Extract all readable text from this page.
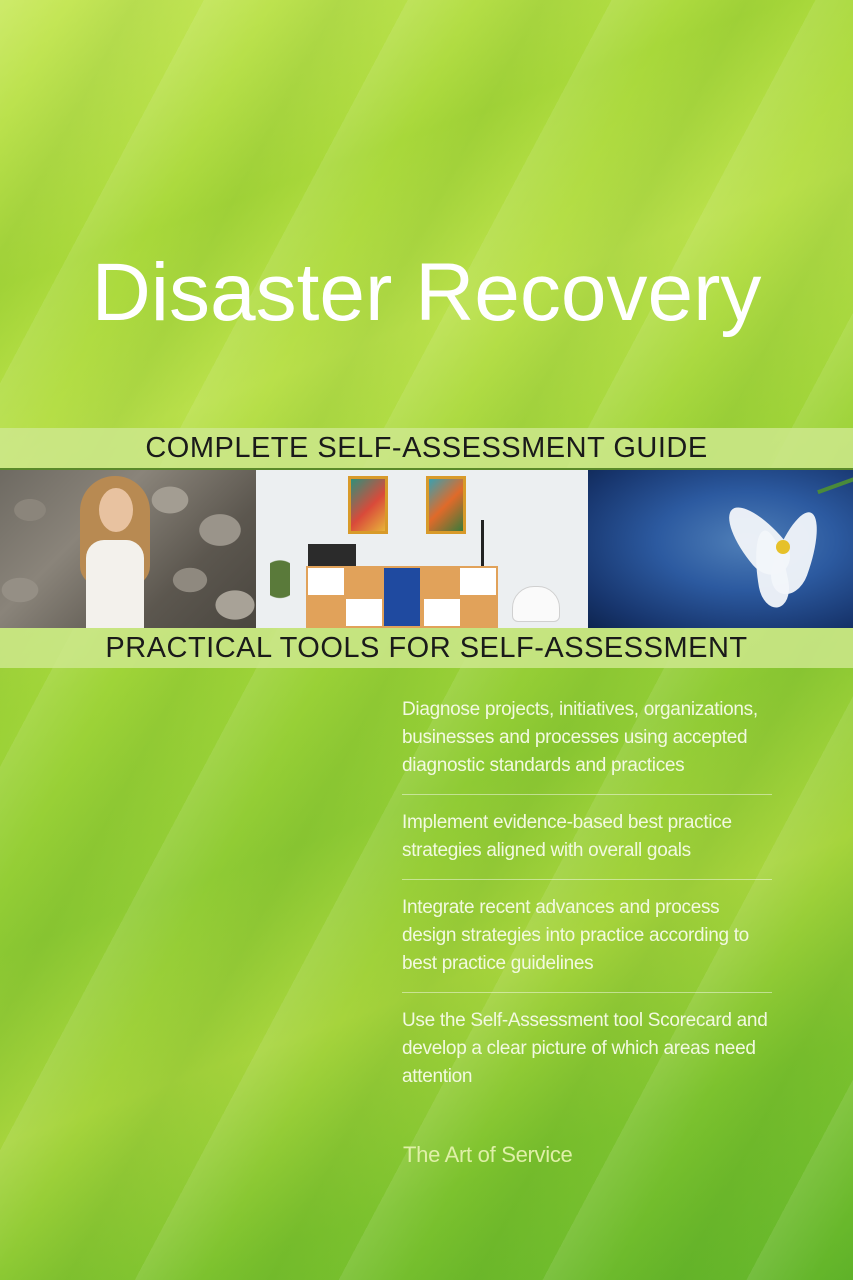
Disaster Recovery
COMPLETE SELF-ASSESSMENT GUIDE
PRACTICAL TOOLS FOR SELF-ASSESSMENT
Diagnose projects, initiatives, organizations, businesses and processes using accepted diagnostic standards and practices
Implement evidence-based best practice strategies aligned with overall goals
Integrate recent advances and process design strategies into practice according to best practice guidelines
Use the Self-Assessment tool Scorecard and develop a clear picture of which areas need attention
The Art of Service
